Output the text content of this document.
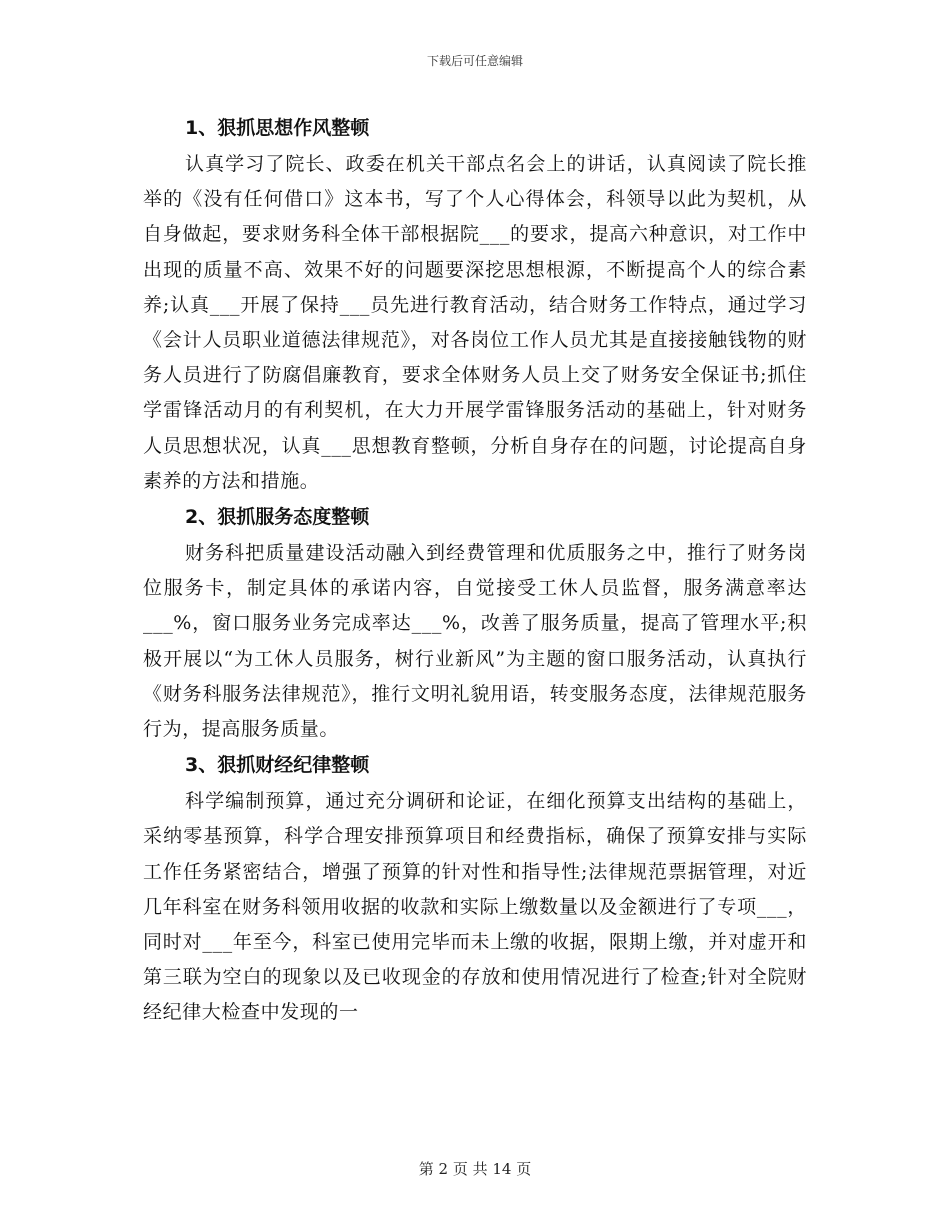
下载后可任意编辑
1、狠抓思想作风整顿

认真学习了院长、政委在机关干部点名会上的讲话，认真阅读了院长推举的《没有任何借口》这本书，写了个人心得体会，科领导以此为契机，从自身做起，要求财务科全体干部根据院___的要求，提高六种意识，对工作中出现的质量不高、效果不好的问题要深挖思想根源，不断提高个人的综合素养;认真___开展了保持___员先进行教育活动，结合财务工作特点，通过学习《会计人员职业道德法律规范》，对各岗位工作人员尤其是直接接触钱物的财务人员进行了防腐倡廉教育，要求全体财务人员上交了财务安全保证书;抓住学雷锋活动月的有利契机，在大力开展学雷锋服务活动的基础上，针对财务人员思想状况，认真___思想教育整顿，分析自身存在的问题，讨论提高自身素养的方法和措施。

2、狠抓服务态度整顿

财务科把质量建设活动融入到经费管理和优质服务之中，推行了财务岗位服务卡，制定具体的承诺内容，自觉接受工休人员监督，服务满意率达___%，窗口服务业务完成率达___%，改善了服务质量，提高了管理水平;积极开展以“为工休人员服务，树行业新风”为主题的窗口服务活动，认真执行《财务科服务法律规范》，推行文明礼貌用语，转变服务态度，法律规范服务行为，提高服务质量。

3、狠抓财经纪律整顿

科学编制预算，通过充分调研和论证，在细化预算支出结构的基础上，采纳零基预算，科学合理安排预算项目和经费指标，确保了预算安排与实际工作任务紧密结合，增强了预算的针对性和指导性;法律规范票据管理，对近几年科室在财务科领用收据的收款和实际上缴数量以及金额进行了专项___，同时对___年至今，科室已使用完毕而未上缴的收据，限期上缴，并对虚开和第三联为空白的现象以及已收现金的存放和使用情况进行了检查;针对全院财经纪律大检查中发现的一

第 2 页 共 14 页
